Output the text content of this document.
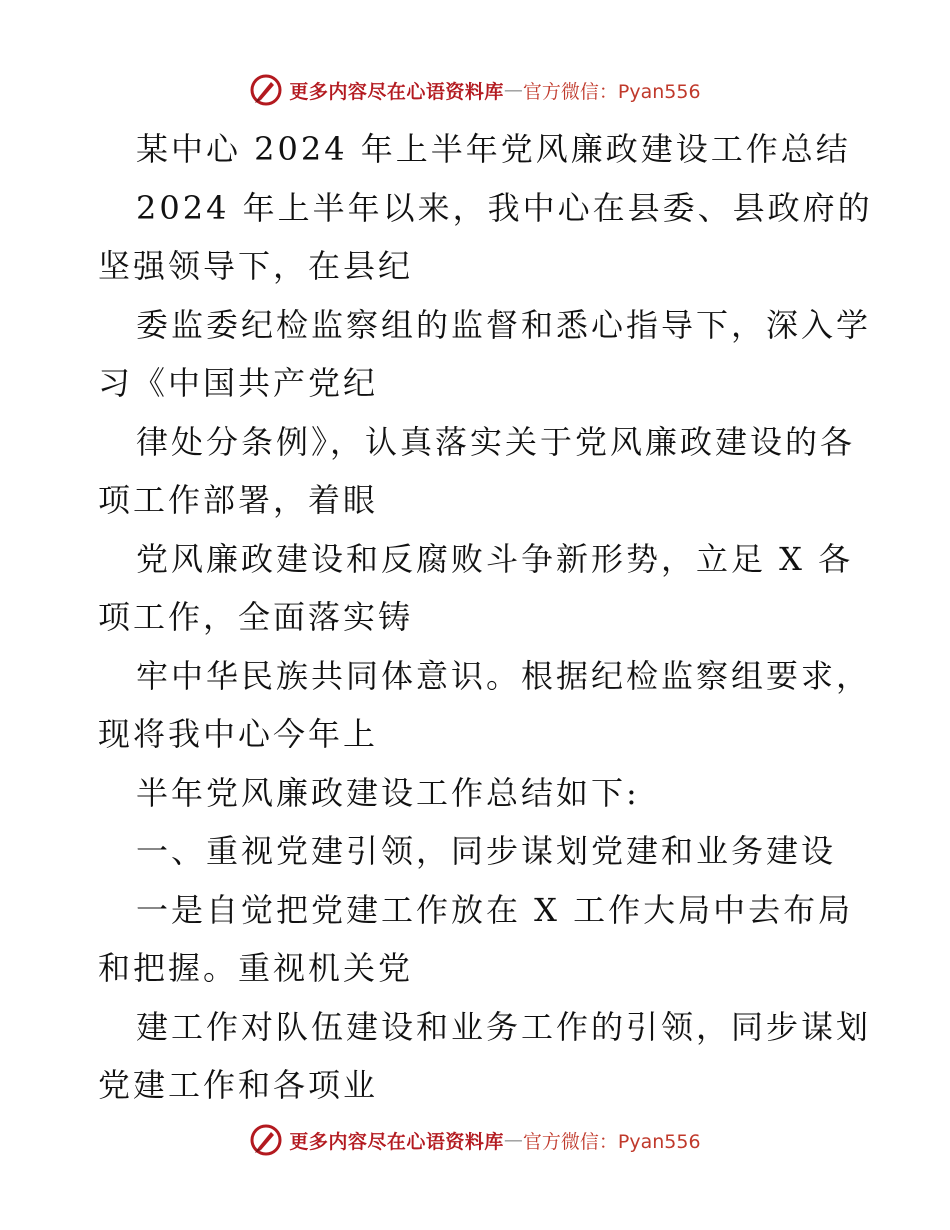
更多内容尽在心语资料库 — 官方微信：Pyan556
某中心 2024 年上半年党风廉政建设工作总结
2024 年上半年以来，我中心在县委、县政府的
坚强领导下，在县纪
委监委纪检监察组的监督和悉心指导下，深入学
习《中国共产党纪
律处分条例》，认真落实关于党风廉政建设的各
项工作部署，着眼
党风廉政建设和反腐败斗争新形势，立足 X 各
项工作，全面落实铸
牢中华民族共同体意识。根据纪检监察组要求，
现将我中心今年上
半年党风廉政建设工作总结如下:
一、重视党建引领，同步谋划党建和业务建设
一是自觉把党建工作放在 X 工作大局中去布局
和把握。重视机关党
建工作对队伍建设和业务工作的引领，同步谋划
党建工作和各项业
更多内容尽在心语资料库 — 官方微信：Pyan556
